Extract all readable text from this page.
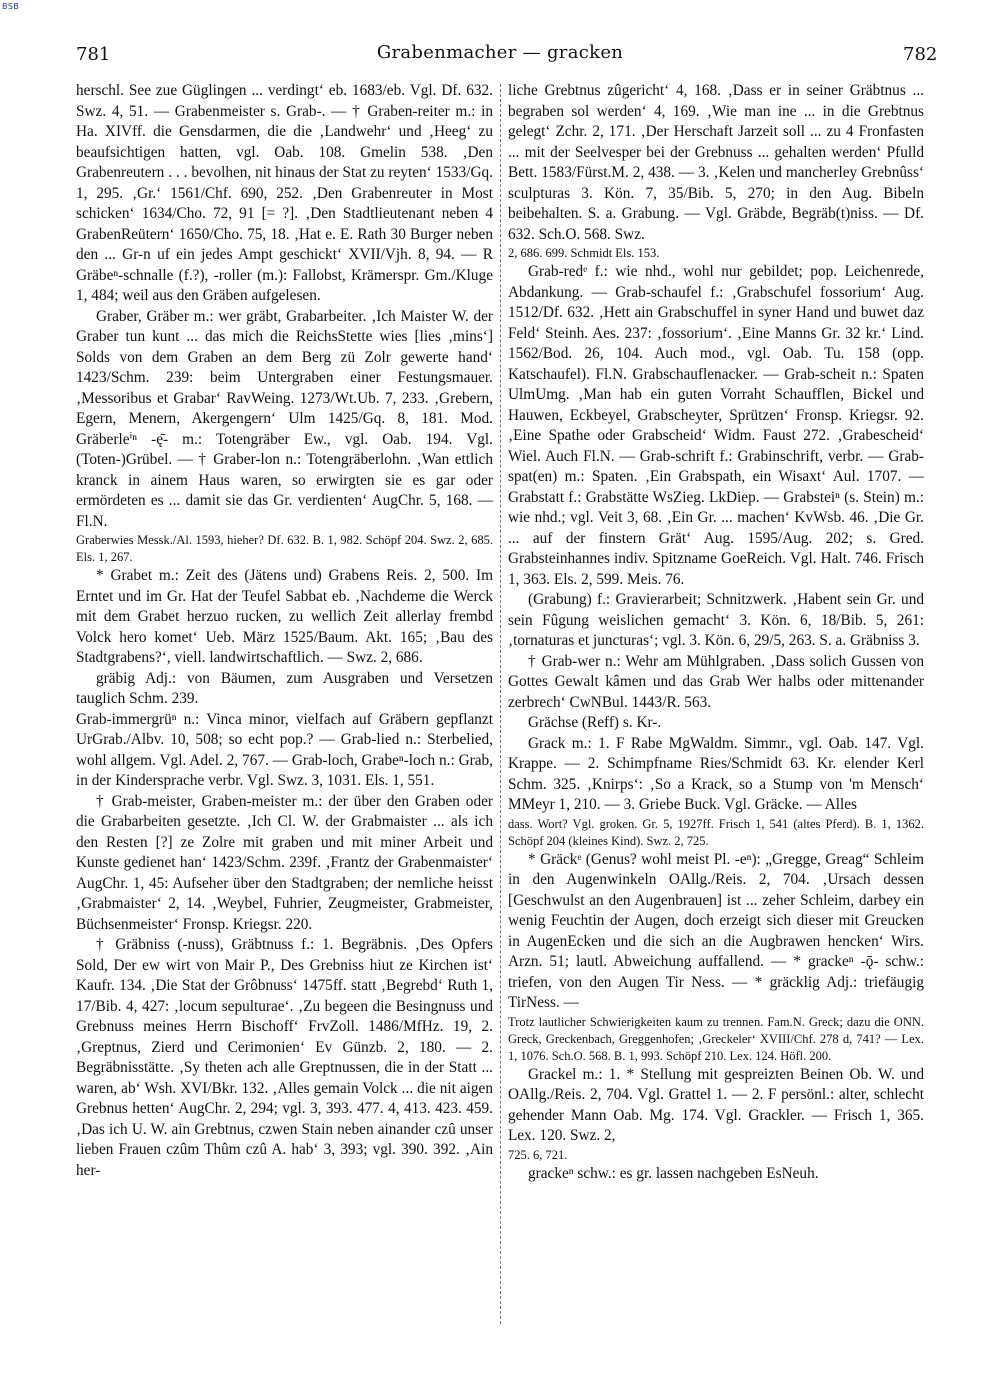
BSB
781	Grabenmacher — gracken	782

herschl. See zue Güglingen ... verdingt‘ eb. 1683/eb. Vgl. Df. 632. Swz. 4, 51. — Grabenmeister s. Grab-. — † Graben-reiter m.: in Ha. XIVff. die Gensdarmen, die die ‚Landwehr‘ und ‚Heeg‘ zu beaufsichtigen hatten, vgl. Oab. 108. Gmelin 538. ‚Den Grabenreutern . . . bevolhen, nit hinaus der Stat zu reyten‘ 1533/Gq. 1, 295. ‚Gr.‘ 1561/Chf. 690, 252. ‚Den Grabenreuter in Most schicken‘ 1634/Cho. 72, 91 [= ?]. ‚Den Stadtlieutenant neben 4 GrabenReütern‘ 1650/Cho. 75, 18. ‚Hat e. E. Rath 30 Burger neben den ... Gr-n uf ein jedes Ampt geschickt‘ XVII/Vjh. 8, 94. — R Gräbeⁿ-schnalle (f.?), -roller (m.): Fallobst, Krämerspr. Gm./Kluge 1, 484; weil aus den Gräben aufgelesen.

Graber, Gräber m.: wer gräbt, Grabarbeiter. ‚Ich Maister W. der Graber tun kunt ... das mich die ReichsStette wies [lies ‚mins‘] Solds von dem Graben an dem Berg zü Zolr gewerte hand‘ 1423/Schm. 239: beim Untergraben einer Festungsmauer. ‚Messoribus et Grabar‘ RavWeing. 1273/Wt.Ub. 7, 233. ‚Grebern, Egern, Menern, Akergengern‘ Ulm 1425/Gq. 8, 181. Mod. Gräberleⁱⁿ -ę̄- m.: Totengräber Ew., vgl. Oab. 194. Vgl. (Toten-)Grübel. — † Graber-lon n.: Totengräberlohn. ‚Wan ettlich kranck in ainem Haus waren, so erwirgten sie es gar oder ermördeten es ... damit sie das Gr. verdienten‘ AugChr. 5, 168. — Fl.N.

Graberwies Messk./Al. 1593, hieher? Df. 632. B. 1, 982. Schöpf 204. Swz. 2, 685. Els. 1, 267.

* Grabet m.: Zeit des (Jätens und) Grabens Reis. 2, 500. Im Erntet und im Gr. Hat der Teufel Sabbat eb. ‚Nachdeme die Werck mit dem Grabet herzuo rucken, zu wellich Zeit allerlay frembd Volck hero komet‘ Ueb. März 1525/Baum. Akt. 165; ‚Bau des Stadtgrabens?‘, viell. landwirtschaftlich. — Swz. 2, 686.

gräbig Adj.: von Bäumen, zum Ausgraben und Versetzen tauglich Schm. 239.

Grab-immergrüⁿ n.: Vinca minor, vielfach auf Gräbern gepflanzt UrGrab./Albv. 10, 508; so echt pop.? — Grab-lied n.: Sterbelied, wohl allgem. Vgl. Adel. 2, 767. — Grab-loch, Grabeⁿ-loch n.: Grab, in der Kindersprache verbr. Vgl. Swz. 3, 1031. Els. 1, 551.

† Grab-meister, Graben-meister m.: der über den Graben oder die Grabarbeiten gesetzte. ‚Ich Cl. W. der Grabmaister ... als ich den Resten [?] ze Zolre mit graben und mit miner Arbeit und Kunste gedienet han‘ 1423/Schm. 239f. ‚Frantz der Grabenmaister‘ AugChr. 1, 45: Aufseher über den Stadtgraben; der nemliche heisst ‚Grabmaister‘ 2, 14. ‚Weybel, Fuhrier, Zeugmeister, Grabmeister, Büchsenmeister‘ Fronsp. Kriegsr. 220.

† Gräbniss (-nuss), Gräbtnuss f.: 1. Begräbnis. ‚Des Opfers Sold, Der ew wirt von Mair P., Des Grebniss hiut ze Kirchen ist‘ Kaufr. 134. ‚Die Stat der Grôbnuss‘ 1475ff. statt ‚Begrebd‘ Ruth 1, 17/Bib. 4, 427: ‚locum sepulturae‘. ‚Zu begeen die Besingnuss und Grebnuss meines Herrn Bischoff‘ FrvZoll. 1486/MfHz. 19, 2. ‚Greptnus, Zierd und Cerimonien‘ Ev Günzb. 2, 180. — 2. Begräbnisstätte. ‚Sy theten ach alle Greptnussen, die in der Statt ... waren, ab‘ Wsh. XVI/Bkr. 132. ‚Alles gemain Volck ... die nit aigen Grebnus hetten‘ AugChr. 2, 294; vgl. 3, 393. 477. 4, 413. 423. 459. ‚Das ich U. W. ain Grebtnus, czwen Stain neben ainander czû unser lieben Frauen czûm Thûm czû A. hab‘ 3, 393; vgl. 390. 392. ‚Ain her-

liche Grebtnus zûgericht‘ 4, 168. ‚Dass er in seiner Gräbtnus ... begraben sol werden‘ 4, 169. ‚Wie man ine ... in die Grebtnus gelegt‘ Zchr. 2, 171. ‚Der Herschaft Jarzeit soll ... zu 4 Fronfasten ... mit der Seelvesper bei der Grebnuss ... gehalten werden‘ Pfulld Bett. 1583/Fürst.M. 2, 438. — 3. ‚Kelen und mancherley Grebnûss‘ sculpturas 3. Kön. 7, 35/Bib. 5, 270; in den Aug. Bibeln beibehalten. S. a. Grabung. — Vgl. Gräbde, Begräb(t)niss. — Df. 632. Sch.O. 568. Swz.

2, 686. 699. Schmidt Els. 153.

Grab-redᵉ f.: wie nhd., wohl nur gebildet; pop. Leichenrede, Abdankung. — Grab-schaufel f.: ‚Grabschufel fossorium‘ Aug. 1512/Df. 632. ‚Hett ain Grabschuffel in syner Hand und buwet daz Feld‘ Steinh. Aes. 237: ‚fossorium‘. ‚Eine Manns Gr. 32 kr.‘ Lind. 1562/Bod. 26, 104. Auch mod., vgl. Oab. Tu. 158 (opp. Katschaufel). Fl.N. Grabschauflenacker. — Grab-scheit n.: Spaten UlmUmg. ‚Man hab ein guten Vorraht Schaufflen, Bickel und Hauwen, Eckbeyel, Grabscheyter, Sprützen‘ Fronsp. Kriegsr. 92. ‚Eine Spathe oder Grabscheid‘ Widm. Faust 272. ‚Grabescheid‘ Wiel. Auch Fl.N. — Grab-schrift f.: Grabinschrift, verbr. — Grab-spat(en) m.: Spaten. ‚Ein Grabspath, ein Wisaxt‘ Aul. 1707. — Grabstatt f.: Grabstätte WsZieg. LkDiep. — Grabsteiⁿ (s. Stein) m.: wie nhd.; vgl. Veit 3, 68. ‚Ein Gr. ... machen‘ KvWsb. 46. ‚Die Gr. ... auf der finstern Grät‘ Aug. 1595/Aug. 202; s. Gred. Grabsteinhannes indiv. Spitzname GoeReich. Vgl. Halt. 746. Frisch 1, 363. Els. 2, 599. Meis. 76.

(Grabung) f.: Gravierarbeit; Schnitzwerk. ‚Habent sein Gr. und sein Fûgung weislichen gemacht‘ 3. Kön. 6, 18/Bib. 5, 261: ‚tornaturas et juncturas‘; vgl. 3. Kön. 6, 29/5, 263. S. a. Gräbniss 3.

† Grab-wer n.: Wehr am Mühlgraben. ‚Dass solich Gussen von Gottes Gewalt kâmen und das Grab Wer halbs oder mittenander zerbrech‘ CwNBul. 1443/R. 563.

Grächse (Reff) s. Kr-.

Grack m.: 1. F Rabe MgWaldm. Simmr., vgl. Oab. 147. Vgl. Krappe. — 2. Schimpfname Ries/Schmidt 63. Kr. elender Kerl Schm. 325. ‚Knirps‘: ‚So a Krack, so a Stump von 'm Mensch‘ MMeyr 1, 210. — 3. Griebe Buck. Vgl. Gräcke. — Alles

dass. Wort? Vgl. groken. Gr. 5, 1927ff. Frisch 1, 541 (altes Pferd). B. 1, 1362. Schöpf 204 (kleines Kind). Swz. 2, 725.

* Gräckᵉ (Genus? wohl meist Pl. -eⁿ): „Gregge, Greag“ Schleim in den Augenwinkeln OAllg./Reis. 2, 704. ‚Ursach dessen [Geschwulst an den Augenbrauen] ist ... zeher Schleim, darbey ein wenig Feuchtin der Augen, doch erzeigt sich dieser mit Greucken in AugenEcken und die sich an die Augbrawen hencken‘ Wirs. Arzn. 51; lautl. Abweichung auffallend. — * grackeⁿ -ǭ- schw.: triefen, von den Augen Tir Ness. — * gräcklig Adj.: triefäugig TirNess. —

Trotz lautlicher Schwierigkeiten kaum zu trennen. Fam.N. Greck; dazu die ONN. Greck, Greckenbach, Greggenhofen; ‚Greckeler‘ XVIII/Chf. 278 d, 741? — Lex. 1, 1076. Sch.O. 568. B. 1, 993. Schöpf 210. Lex. 124. Höfl. 200.

Grackel m.: 1. * Stellung mit gespreizten Beinen Ob. W. und OAllg./Reis. 2, 704. Vgl. Grattel 1. — 2. F persönl.: alter, schlecht gehender Mann Oab. Mg. 174. Vgl. Grackler. — Frisch 1, 365. Lex. 120. Swz. 2,

725. 6, 721.

grackeⁿ schw.: es gr. lassen nachgeben EsNeuh.
